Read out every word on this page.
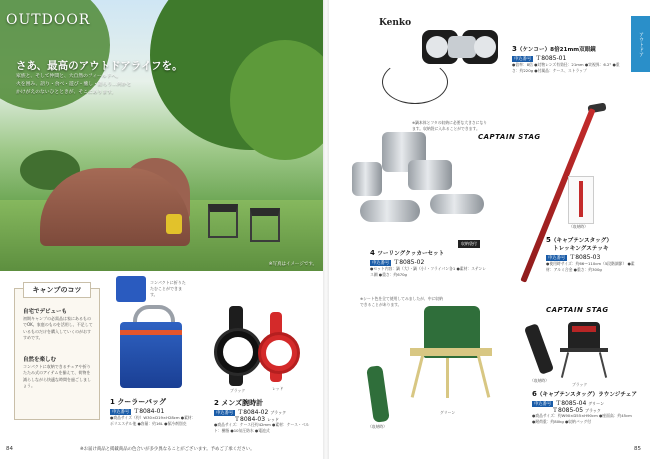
OUTDOOR
さあ、最高のアウトドアライフを。
家族と、そして仲間と、大自然のフィールドへ。
火を囲み、語り・食べ・遊び・癒し・語らう…何かと
かけがえのないひとときが、そこにあります。
※写真はイメージです。
キャンプのコツ
自宅でデビューも
初期キャンプの必需品は家にあるものでOK。家庭のものを活用し、不足しているものだけを購入していくのがおすすめです。
自然を楽しむ
コンパクトに収納できるチェアや折りたたみ式のアイテムを揃えて、荷物を減らしながら快適な時間を過ごしましょう。
コンパクトに折りたたむことができます。
1 クーラーバッグ
申込番号 Ｔ8084-01
●商品サイズ（約）W30×D19×H28cm ●素材：ポリエステル他 ●容量：約16L ●保冷剤別売
ブラック	レッド
2 メンズ腕時計
申込番号 Ｔ8084-02 ブラック
Ｔ8084-03 レッド
●商品サイズ：ケース径約42mm ●素材：ケース・ベルト：樹脂 ●10気圧防水 ●電池式
84	※お届け商品と掲載商品の色合いが多少異なることがございます。予めご了承ください。
アウトドア
Kenko
3（ケンコー）8倍21mm双眼鏡
申込番号 Ｔ8085-01
●倍率：8倍 ●対物レンズ有効径：21mm ●実視界：6.2° ●重さ：約220g ●付属品：ケース、ストラップ
※鍋本体とフタの収納に必要な大きさになります。収納袋に入れることができます。
収納袋付
4 ツーリングクッカーセット
申込番号 Ｔ8085-02
●セット内容：鍋（大）・鍋（小）・フライパン各1 ●素材：ステンレス鋼 ●重さ：約670g
CAPTAIN STAG
（収納時）
5（キャプテンスタッグ）
トレッキングステッキ
申込番号 Ｔ8085-03
●使用時サイズ：約66〜110cm（5段階調節） ●素材：アルミ合金 ●重さ：約300g
※シート色を全て使用してみましたが、中に収納できることがあります。
（収納時）
グリーン
CAPTAIN STAG
（収納時）
ブラック
6（キャプテンスタッグ）ラウンジチェア
申込番号 Ｔ8085-04 グリーン
Ｔ8085-05 ブラック
●商品サイズ：約W90×D55×H90cm ●座面高：約45cm ●耐荷重：約80kg ●収納バッグ付
85
